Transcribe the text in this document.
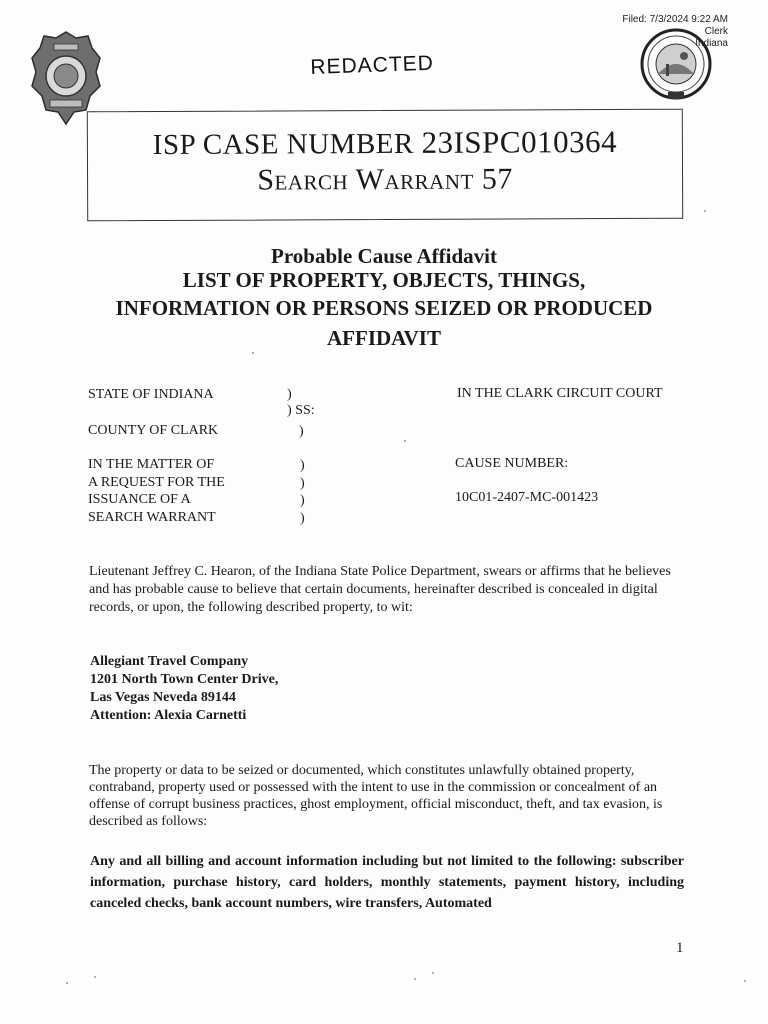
Filed: 7/3/2024 9:22 AM
Clerk
Indiana
REDACTED
ISP CASE NUMBER 23ISPC010364
Search Warrant 57
Probable Cause Affidavit
LIST OF PROPERTY, OBJECTS, THINGS,
INFORMATION OR PERSONS SEIZED OR PRODUCED
AFFIDAVIT
STATE OF INDIANA	)
) SS:
IN THE CLARK CIRCUIT COURT
COUNTY OF CLARK	)
IN THE MATTER OF
A REQUEST FOR THE
ISSUANCE OF A
SEARCH WARRANT
)
)
)
)
CAUSE NUMBER:
10C01-2407-MC-001423
Lieutenant Jeffrey C. Hearon, of the Indiana State Police Department, swears or affirms that he believes and has probable cause to believe that certain documents, hereinafter described is concealed in digital records, or upon, the following described property, to wit:
Allegiant Travel Company
1201 North Town Center Drive,
Las Vegas Neveda 89144
Attention: Alexia Carnetti
The property or data to be seized or documented, which constitutes unlawfully obtained property, contraband, property used or possessed with the intent to use in the commission or concealment of an offense of corrupt business practices, ghost employment, official misconduct, theft, and tax evasion, is described as follows:
Any and all billing and account information including but not limited to the following: subscriber information, purchase history, card holders, monthly statements, payment history, including canceled checks, bank account numbers, wire transfers, Automated
1
